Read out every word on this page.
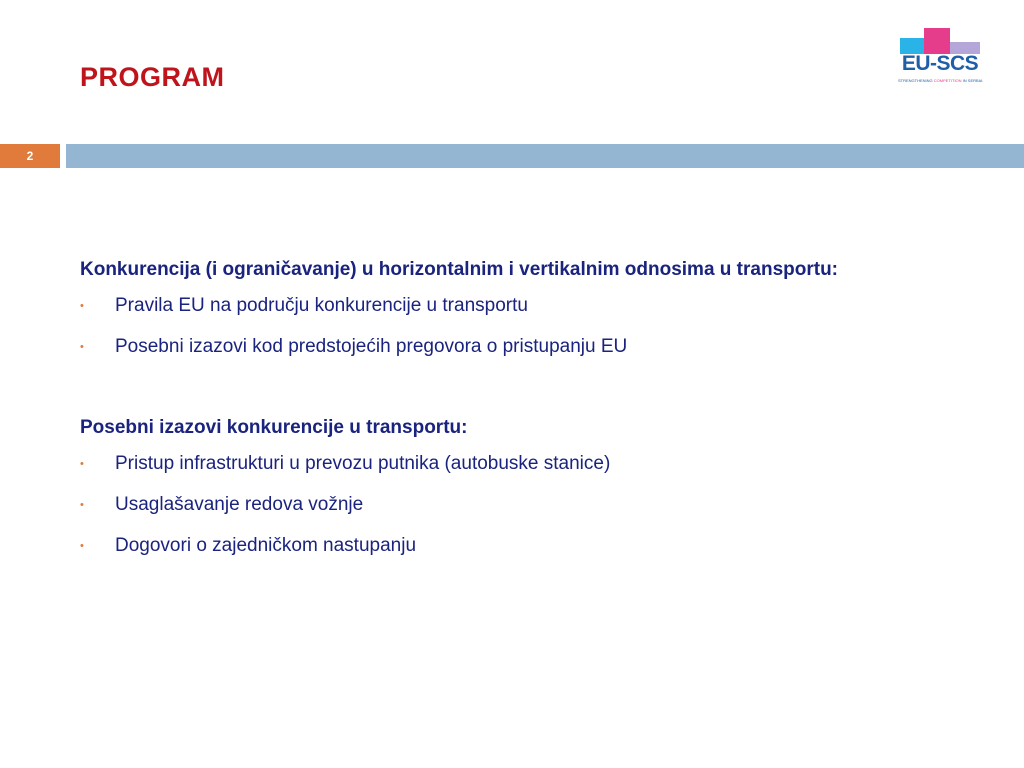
PROGRAM	EU-SCS
STRENGTHENING COMPETITION IN SERBIA
2

Konkurencija (i ograničavanje) u horizontalnim i vertikalnim odnosima u transportu:

•	Pravila EU na području konkurencije u transportu
•	Posebni izazovi kod predstojećih pregovora o pristupanju EU

Posebni izazovi konkurencije u transportu:

•	Pristup infrastrukturi u prevozu putnika (autobuske stanice)
•	Usaglašavanje redova vožnje
•	Dogovori o zajedničkom nastupanju
